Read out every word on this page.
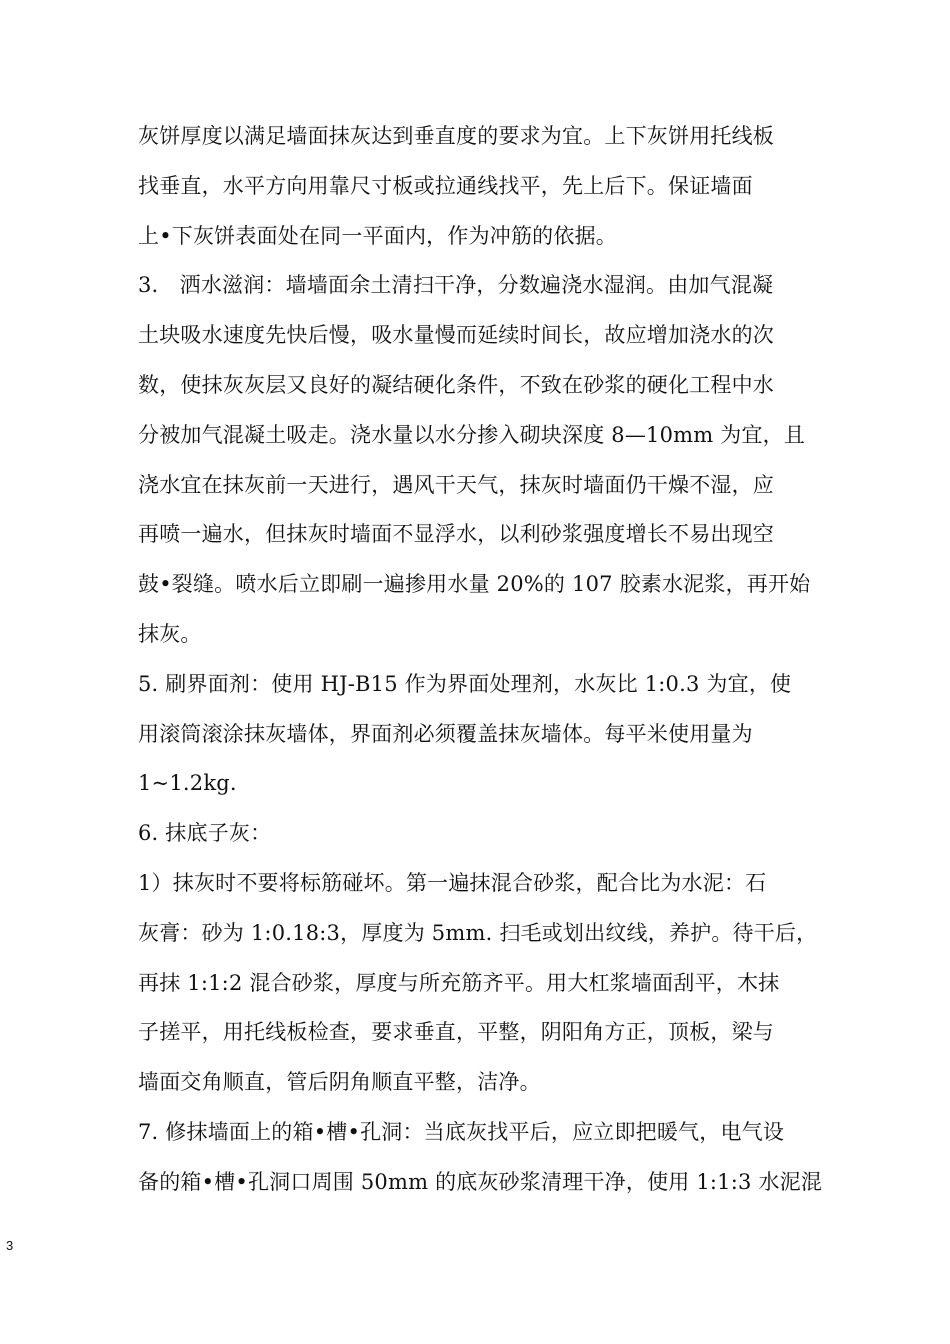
灰饼厚度以满足墙面抹灰达到垂直度的要求为宜。上下灰饼用托线板
找垂直，水平方向用靠尺寸板或拉通线找平，先上后下。保证墙面
上•下灰饼表面处在同一平面内，作为冲筋的依据。
3.　洒水滋润：墙墙面余土清扫干净，分数遍浇水湿润。由加气混凝
土块吸水速度先快后慢，吸水量慢而延续时间长，故应增加浇水的次
数，使抹灰灰层又良好的凝结硬化条件，不致在砂浆的硬化工程中水
分被加气混凝土吸走。浇水量以水分掺入砌块深度 8—10mm 为宜，且
浇水宜在抹灰前一天进行，遇风干天气，抹灰时墙面仍干燥不湿，应
再喷一遍水，但抹灰时墙面不显浮水，以利砂浆强度增长不易出现空
鼓•裂缝。喷水后立即刷一遍掺用水量 20%的 107 胶素水泥浆，再开始
抹灰。
5. 刷界面剂：使用 HJ-B15 作为界面处理剂，水灰比 1:0.3 为宜，使
用滚筒滚涂抹灰墙体，界面剂必须覆盖抹灰墙体。每平米使用量为
1~1.2kg.
6. 抹底子灰：
1）抹灰时不要将标筋碰坏。第一遍抹混合砂浆，配合比为水泥：石
灰膏：砂为 1:0.18:3，厚度为 5mm. 扫毛或划出纹线，养护。待干后，
再抹 1:1:2 混合砂浆，厚度与所充筋齐平。用大杠浆墙面刮平，木抹
子搓平，用托线板检查，要求垂直，平整，阴阳角方正，顶板，梁与
墙面交角顺直，管后阴角顺直平整，洁净。
7. 修抹墙面上的箱•槽•孔洞：当底灰找平后，应立即把暖气，电气设
备的箱•槽•孔洞口周围 50mm 的底灰砂浆清理干净，使用 1:1:3 水泥混
3
